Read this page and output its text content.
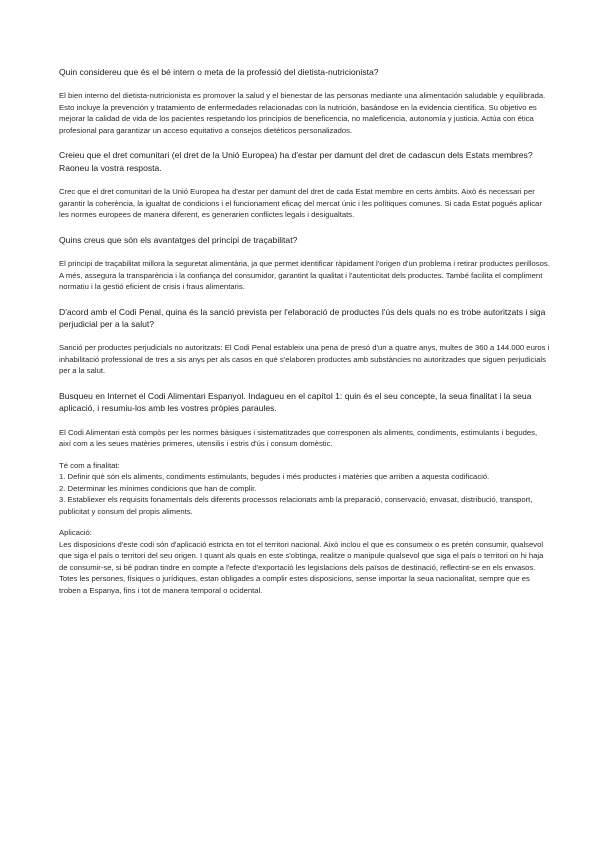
Quin considereu que és el bé intern o meta de la professió del dietista-nutricionista?

El bien interno del dietista-nutricionista es promover la salud y el bienestar de las personas mediante una alimentación saludable y equilibrada. Esto incluye la prevención y tratamiento de enfermedades relacionadas con la nutrición, basándose en la evidencia científica. Su objetivo es mejorar la calidad de vida de los pacientes respetando los principios de beneficencia, no maleficencia, autonomía y justicia. Actúa con ética profesional para garantizar un acceso equitativo a consejos dietéticos personalizados.

Creieu que el dret comunitari (el dret de la Unió Europea) ha d'estar per damunt del dret de cadascun dels Estats membres? Raoneu la vostra resposta.

Crec que el dret comunitari de la Unió Europea ha d'estar per damunt del dret de cada Estat membre en certs àmbits. Això és necessari per garantir la coherència, la igualtat de condicions i el funcionament eficaç del mercat únic i les polítiques comunes. Si cada Estat pogués aplicar les normes europees de manera diferent, es generarien conflictes legals i desigualtats.

Quins creus que són els avantatges del principi de traçabilitat?

El principi de traçabilitat millora la seguretat alimentària, ja que permet identificar ràpidament l'origen d'un problema i retirar productes perillosos. A més, assegura la transparència i la confiança del consumidor, garantint la qualitat i l'autenticitat dels productes. També facilita el compliment normatiu i la gestió eficient de crisis i fraus alimentaris.

D'acord amb el Codi Penal, quina és la sanció prevista per l'elaboració de productes l'ús dels quals no es trobe autoritzats i siga perjudicial per a la salut?

Sanció per productes perjudicials no autoritzats: El Codi Penal estableix una pena de presó d'un a quatre anys, multes de 360 a 144.000 euros i inhabilitació professional de tres a sis anys per als casos en què s'elaboren productes amb substàncies no autoritzades que siguen perjudicials per a la salut.

Busqueu en Internet el Codi Alimentari Espanyol. Indagueu en el capítol 1: quin és el seu concepte, la seua finalitat i la seua aplicació, i resumiu-los amb les vostres pròpies paraules.

El Codi Alimentari està compòs per les normes bàsiques i sistematitzades que corresponen als aliments, condiments, estimulants i begudes, així com a les seues matèries primeres, utensilis i estris d'ús i consum domèstic.

Té com a finalitat:
1. Definir què són els aliments, condiments estimulants, begudes i més productes i matèries que arriben a aquesta codificació.
2. Determinar les mínimes condicions que han de complir.
3. Establiexer els requisits fonamentals dels diferents processos relacionats amb la preparació, conservació, envasat, distribució, transport, publicitat y consum del propis aliments.

Aplicació:
Les disposicions d'este codi són d'aplicació estricta en tot el territori nacional. Això inclou el que es consumeix o es pretén consumir, qualsevol que siga el país o territori del seu origen. I quant als quals en este s'obtinga, realitze o manipule qualsevol que siga el país o territori on hi haja de consumir-se, si bé podran tindre en compte a l'efecte d'exportació les legislacions dels països de destinació, reflectint-se en els envasos. Totes les persones, físiques o jurídiques, estan obligades a complir estes disposicions, sense importar la seua nacionalitat, sempre que es troben a Espanya, fins i tot de manera temporal o ocidental.
